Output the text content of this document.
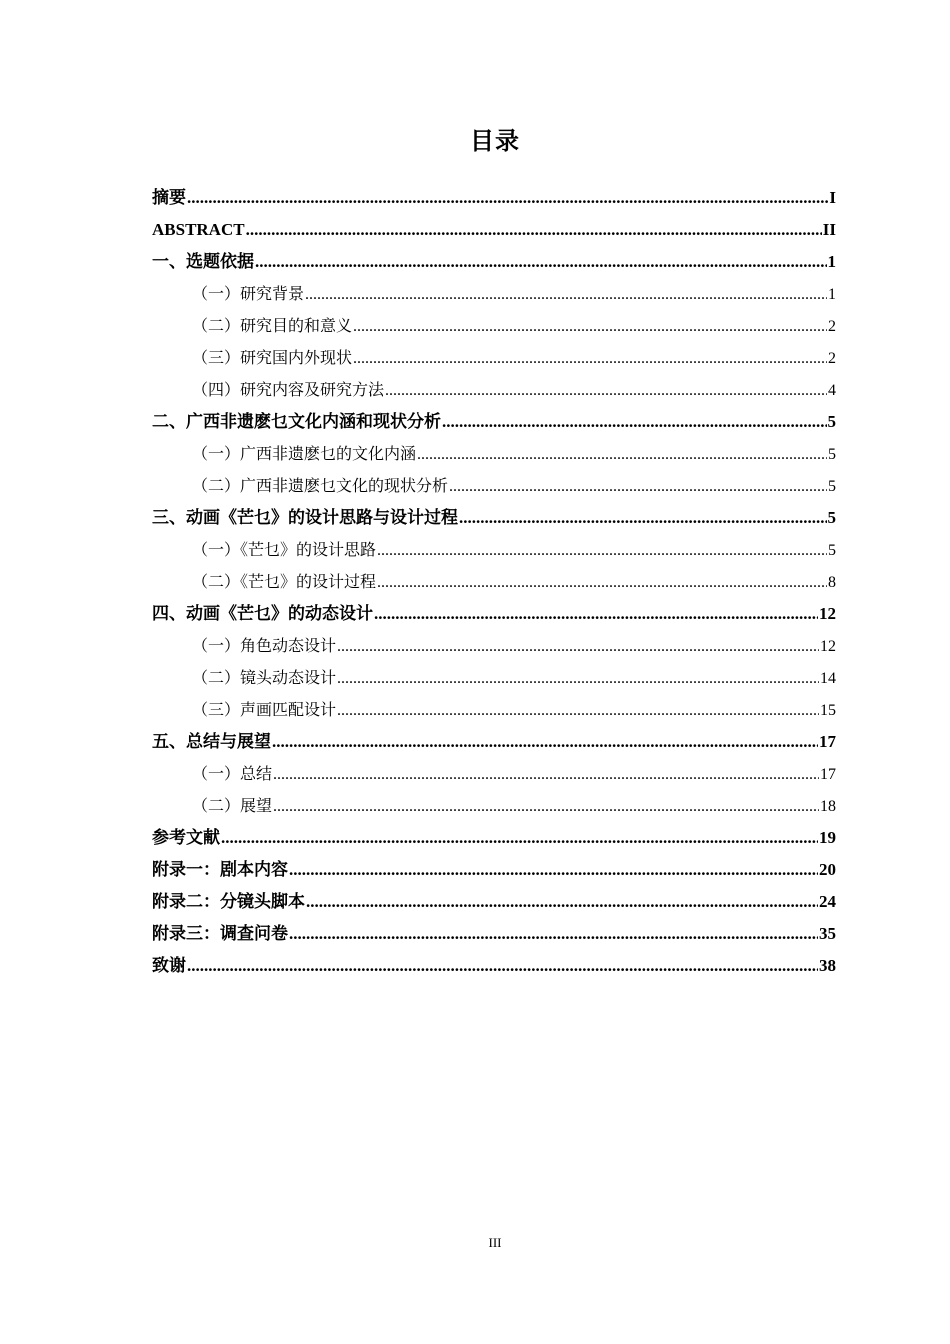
目录
摘要 .....	I
ABSTRACT .....	II
一、选题依据 .....	1
（一）研究背景 .....	1
（二）研究目的和意义 .....	2
（三）研究国内外现状 .....	2
（四）研究内容及研究方法 .....	4
二、广西非遗麽乜文化内涵和现状分析 .....	5
（一）广西非遗麽乜的文化内涵 .....	5
（二）广西非遗麽乜文化的现状分析 .....	5
三、动画《芒乜》的设计思路与设计过程 .....	5
（一）《芒乜》的设计思路 .....	5
（二）《芒乜》的设计过程 .....	8
四、动画《芒乜》的动态设计 .....	12
（一）角色动态设计 .....	12
（二）镜头动态设计 .....	14
（三）声画匹配设计 .....	15
五、总结与展望 .....	17
（一）总结 .....	17
（二）展望 .....	18
参考文献 .....	19
附录一：剧本内容 .....	20
附录二：分镜头脚本 .....	24
附录三：调查问卷 .....	35
致谢 .....	38
III
